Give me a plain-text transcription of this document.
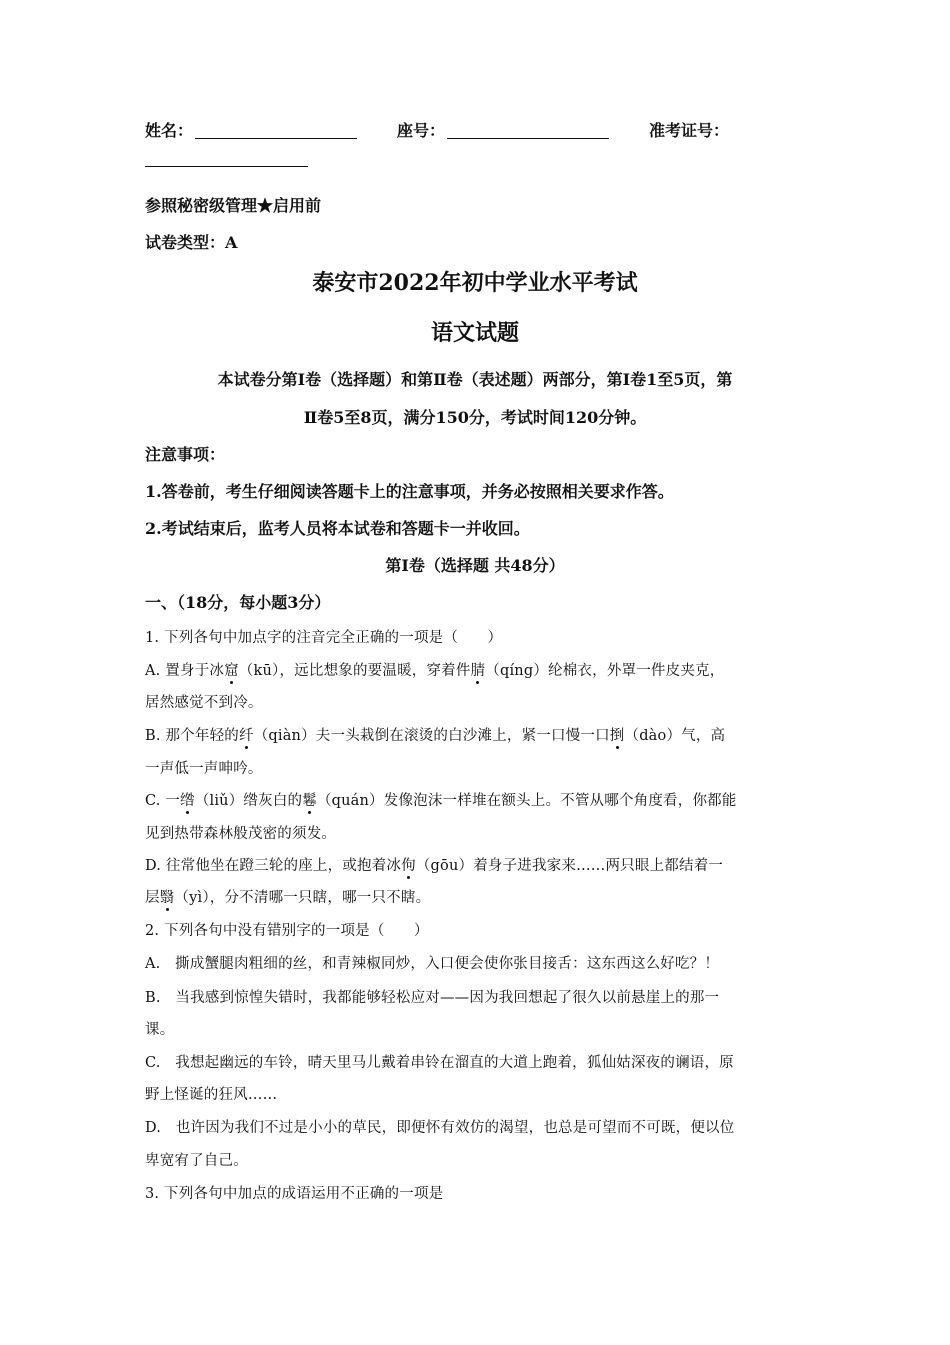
姓名：	座号：	准考证号：
参照秘密级管理★启用前
试卷类型：A
泰安市2022年初中学业水平考试
语文试题
本试卷分第Ⅰ卷（选择题）和第Ⅱ卷（表述题）两部分，第Ⅰ卷1至5页，第
Ⅱ卷5至8页，满分150分，考试时间120分钟。
注意事项：
1.答卷前，考生仔细阅读答题卡上的注意事项，并务必按照相关要求作答。
2.考试结束后，监考人员将本试卷和答题卡一并收回。
第Ⅰ卷（选择题 共48分）
一、（18分，每小题3分）
1. 下列各句中加点字的注音完全正确的一项是（　　）
A. 置身于冰窟（kū），远比想象的要温暖，穿着件腈（qíng）纶棉衣，外罩一件皮夹克，
居然感觉不到冷。
B. 那个年轻的纤（qiàn）夫一头栽倒在滚烫的白沙滩上，紧一口慢一口捯（dào）气，高
一声低一声呻吟。
C. 一绺（liǔ）绺灰白的鬈（quán）发像泡沫一样堆在额头上。不管从哪个角度看，你都能
见到热带森林般茂密的须发。
D. 往常他坐在蹬三轮的座上，或抱着冰佝（gōu）着身子进我家来……两只眼上都结着一
层翳（yì），分不清哪一只瞎，哪一只不瞎。
2. 下列各句中没有错别字的一项是（　　）
A.　撕成蟹腿肉粗细的丝，和青辣椒同炒，入口便会使你张目接舌：这东西这么好吃？！
B.　当我感到惊惶失错时，我都能够轻松应对——因为我回想起了很久以前悬崖上的那一
课。
C.　我想起幽远的车铃，晴天里马儿戴着串铃在溜直的大道上跑着，狐仙姑深夜的谰语，原
野上怪诞的狂风……
D.　也许因为我们不过是小小的草民，即便怀有效仿的渴望，也总是可望而不可既，便以位
卑宽宥了自己。
3. 下列各句中加点的成语运用不正确的一项是
